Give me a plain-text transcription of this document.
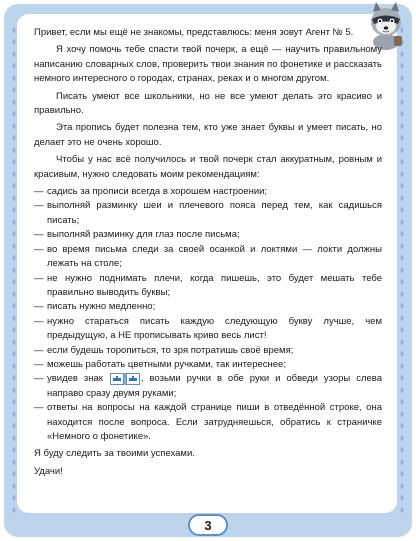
Привет, если мы ещё не знакомы, представлюсь: меня зовут Агент № 5.

Я хочу помочь тебе спасти твой почерк, а ещё — научить правильному написанию словарных слов, проверить твои знания по фонетике и рассказать немного интересного о городах, странах, реках и о многом другом.

Писать умеют все школьники, но не все умеют делать это красиво и правильно.

Эта пропись будет полезна тем, кто уже знает буквы и умеет писать, но делает это не очень хорошо.

Чтобы у нас всё получилось и твой почерк стал аккуратным, ровным и красивым, нужно следовать моим рекомендациям:

— садись за прописи всегда в хорошем настроении;
— выполняй разминку шеи и плечевого пояса перед тем, как садишься писать;
— выполняй разминку для глаз после письма;
— во время письма следи за своей осанкой и локтями — локти должны лежать на столе;
— не нужно поднимать плечи, когда пишешь, это будет мешать тебе правильно выводить буквы;
— писать нужно медленно;
— нужно стараться писать каждую следующую букву лучше, чем предыдущую, а НЕ прописывать криво весь лист!
— если будешь торопиться, то зря потратишь своё время;
— можешь работать цветными ручками, так интереснее;
— увидев знак	, возьми ручки в обе руки и обведи узоры слева направо сразу двумя руками;
— ответы на вопросы на каждой странице пиши в отведённой строке, она находится после вопроса. Если затрудняешься, обратись к страничке «Немного о фонетике».

Я буду следить за твоими успехами.

Удачи!

3
